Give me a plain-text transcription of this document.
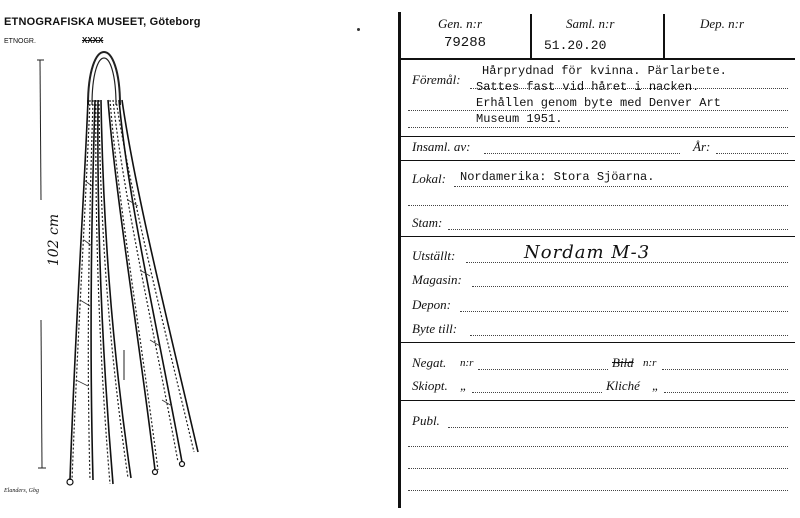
ETNOGRAFISKA MUSEET, Göteborg
ETNOGR.	XXXX
102 cm
Elanders, Gbg
Gen. n:r
79288
Saml. n:r
51.20.20
Dep. n:r
Föremål:
Hårprydnad för kvinna. Pärlarbete.
Sattes fast vid håret i nacken.
Erhållen genom byte med Denver Art
Museum 1951.
Insaml. av:	År:
Lokal: Nordamerika: Stora Sjöarna.
Stam:
Utställt:	Nordam M-3
Magasin:
Depon:
Byte till:
Negat. n:r	Bild n:r
Skiopt. „	Kliché „
Publ.
